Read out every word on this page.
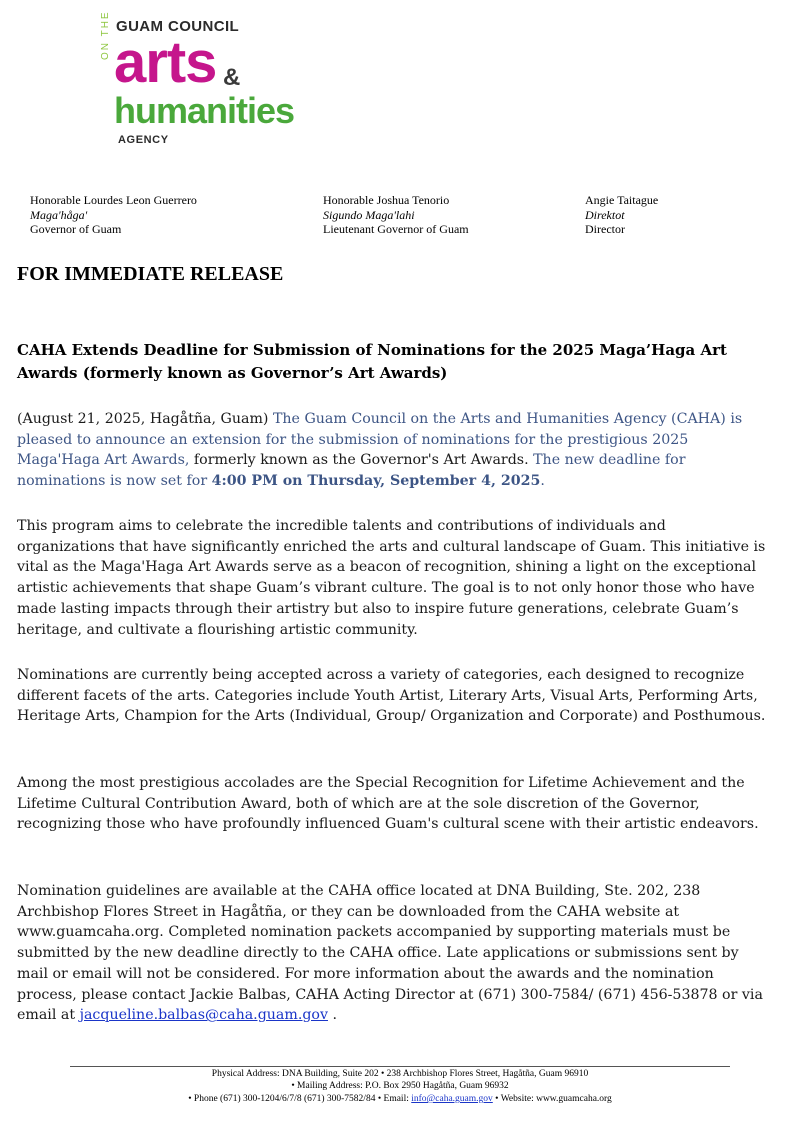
GUAM COUNCIL
ON THE arts &
humanities
AGENCY
Honorable Lourdes Leon Guerrero
Maga'håga'
Governor of Guam
Honorable Joshua Tenorio
Sigundo Maga'lahi
Lieutenant Governor of Guam
Angie Taitague
Direktot
Director
FOR IMMEDIATE RELEASE
CAHA Extends Deadline for Submission of Nominations for the 2025 Maga’Haga Art Awards (formerly known as Governor’s Art Awards)
(August 21, 2025, Hagåtña, Guam) The Guam Council on the Arts and Humanities Agency (CAHA) is pleased to announce an extension for the submission of nominations for the prestigious 2025 Maga'Haga Art Awards, formerly known as the Governor's Art Awards. The new deadline for nominations is now set for 4:00 PM on Thursday, September 4, 2025.
This program aims to celebrate the incredible talents and contributions of individuals and organizations that have significantly enriched the arts and cultural landscape of Guam. This initiative is vital as the Maga'Haga Art Awards serve as a beacon of recognition, shining a light on the exceptional artistic achievements that shape Guam’s vibrant culture. The goal is to not only honor those who have made lasting impacts through their artistry but also to inspire future generations, celebrate Guam’s heritage, and cultivate a flourishing artistic community.
Nominations are currently being accepted across a variety of categories, each designed to recognize different facets of the arts. Categories include Youth Artist, Literary Arts, Visual Arts, Performing Arts, Heritage Arts, Champion for the Arts (Individual, Group/ Organization and Corporate) and Posthumous.
Among the most prestigious accolades are the Special Recognition for Lifetime Achievement and the Lifetime Cultural Contribution Award, both of which are at the sole discretion of the Governor, recognizing those who have profoundly influenced Guam's cultural scene with their artistic endeavors.
Nomination guidelines are available at the CAHA office located at DNA Building, Ste. 202, 238 Archbishop Flores Street in Hagåtña, or they can be downloaded from the CAHA website at www.guamcaha.org. Completed nomination packets accompanied by supporting materials must be submitted by the new deadline directly to the CAHA office. Late applications or submissions sent by mail or email will not be considered. For more information about the awards and the nomination process, please contact Jackie Balbas, CAHA Acting Director at (671) 300-7584/ (671) 456-53878 or via email at jacqueline.balbas@caha.guam.gov .
Physical Address: DNA Building, Suite 202 • 238 Archbishop Flores Street, Hagåtña, Guam 96910
• Mailing Address: P.O. Box 2950 Hagåtña, Guam 96932
• Phone (671) 300-1204/6/7/8 (671) 300-7582/84 • Email: info@caha.guam.gov • Website: www.guamcaha.org
